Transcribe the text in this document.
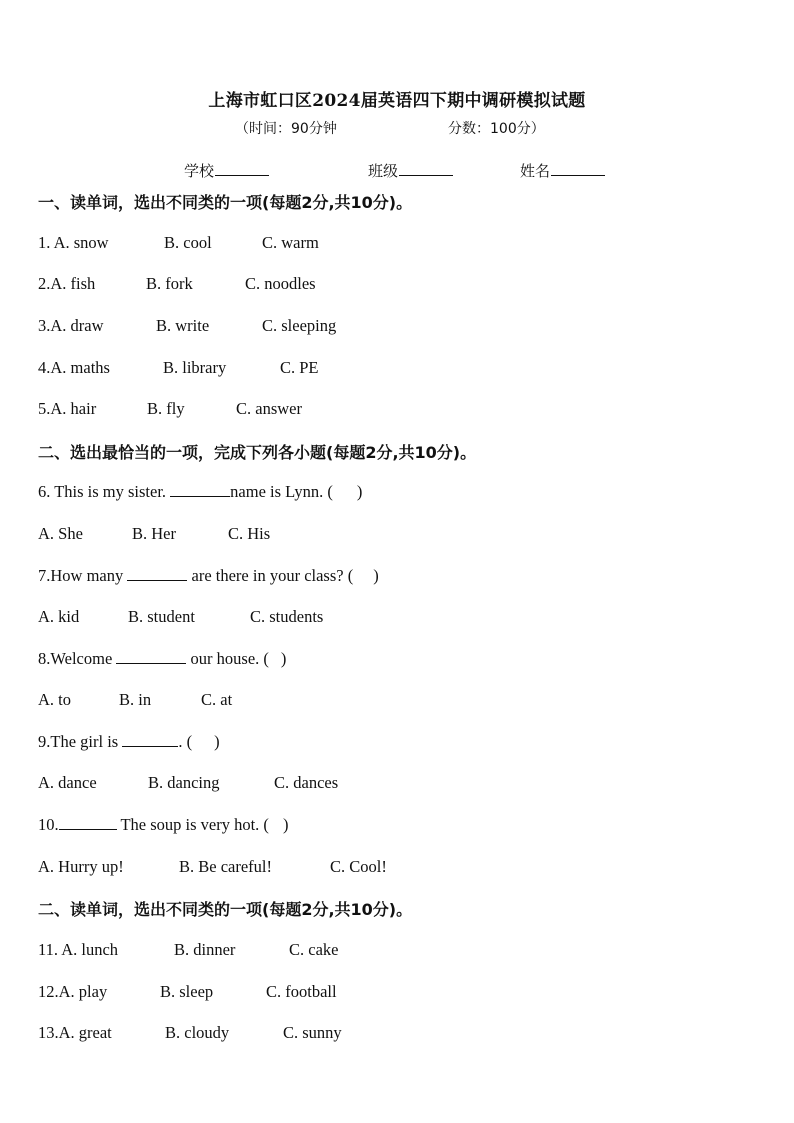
上海市虹口区2024届英语四下期中调研模拟试题
（时间：90分钟	分数：100分）
学校	班级	姓名
一、读单词，选出不同类的一项(每题2分,共10分)。
1. A. snow	B. cool	C. warm
2.A. fish	B. fork	C. noodles
3.A. draw	B. write	C. sleeping
4.A. maths	B. library	C. PE
5.A. hair	B. fly	C. answer
二、选出最恰当的一项，完成下列各小题(每题2分,共10分)。
6. This is my sister.	name is Lynn. ( )
A. She	B. Her	C. His
7.How many	are there in your class? ( )
A. kid	B. student	C. students
8.Welcome	our house. ( )
A. to	B. in	C. at
9.The girl is	. ( )
A. dance	B. dancing	C. dances
10.	The soup is very hot. ( )
A. Hurry up!	B. Be careful!	C. Cool!
二、读单词，选出不同类的一项(每题2分,共10分)。
11. A. lunch	B. dinner	C. cake
12.A. play	B. sleep	C. football
13.A. great	B. cloudy	C. sunny
